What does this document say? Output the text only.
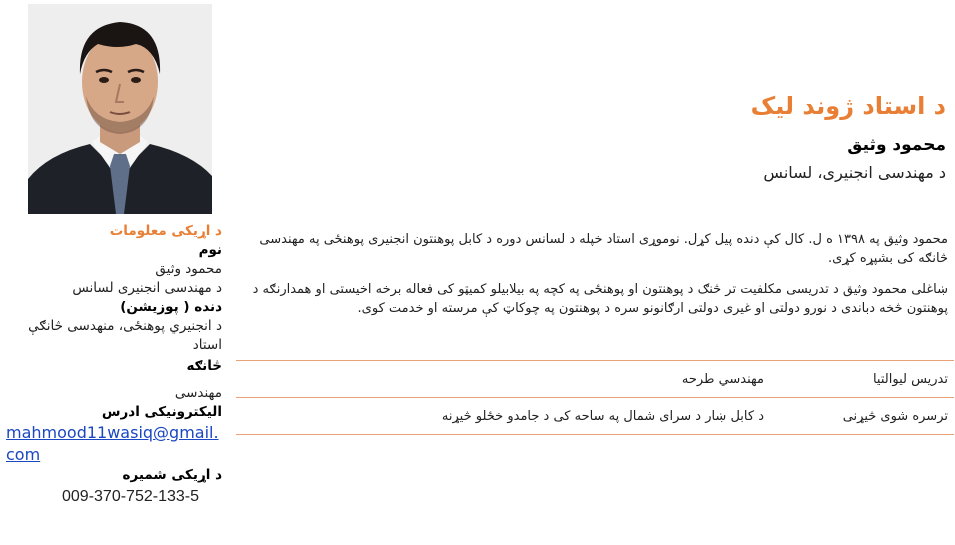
د استاد ژوند لیک
محمود وثیق
د مهندسی انجنیری، لسانس

محمود وثیق په ۱۳۹۸ ه ل. کال کې دنده پیل کړل. نوموړی استاد خپله د لسانس دوره د کابل پوهنتون انجنیری پوهنځی په مهندسی څانګه کی بشپړه کړی.

ښاغلی محمود وثیق د تدریسی مکلفیت تر څنګ د پوهنتون او پوهنځی په کچه په بیلابیلو کمیټو کی فعاله برخه اخیستی او همدارنګه د پوهنتون څخه دباندی د نورو دولتی او غیری دولتی ارګانونو سره د پوهنتون په چوکاټ کې مرسته او خدمت کوی.

تدریس لیوالتیا
مهندسي طرحه
ترسره شوی څیړنی
د کابل ښار د سرای شمال په ساحه کی د جامدو خځلو څیړنه
د اړیکی معلومات
نوم
محمود وثیق
د مهندسی انجنیری لسانس
دنده ( پوزیشن)
د انجنیري پوهنځی، منهدسی څانګې استاد
څانګه
مهندسی
الیکترونیکی ادرس
mahmood11wasiq@gmail.com
د اړیکی شمیره
009-370-752-133-5
